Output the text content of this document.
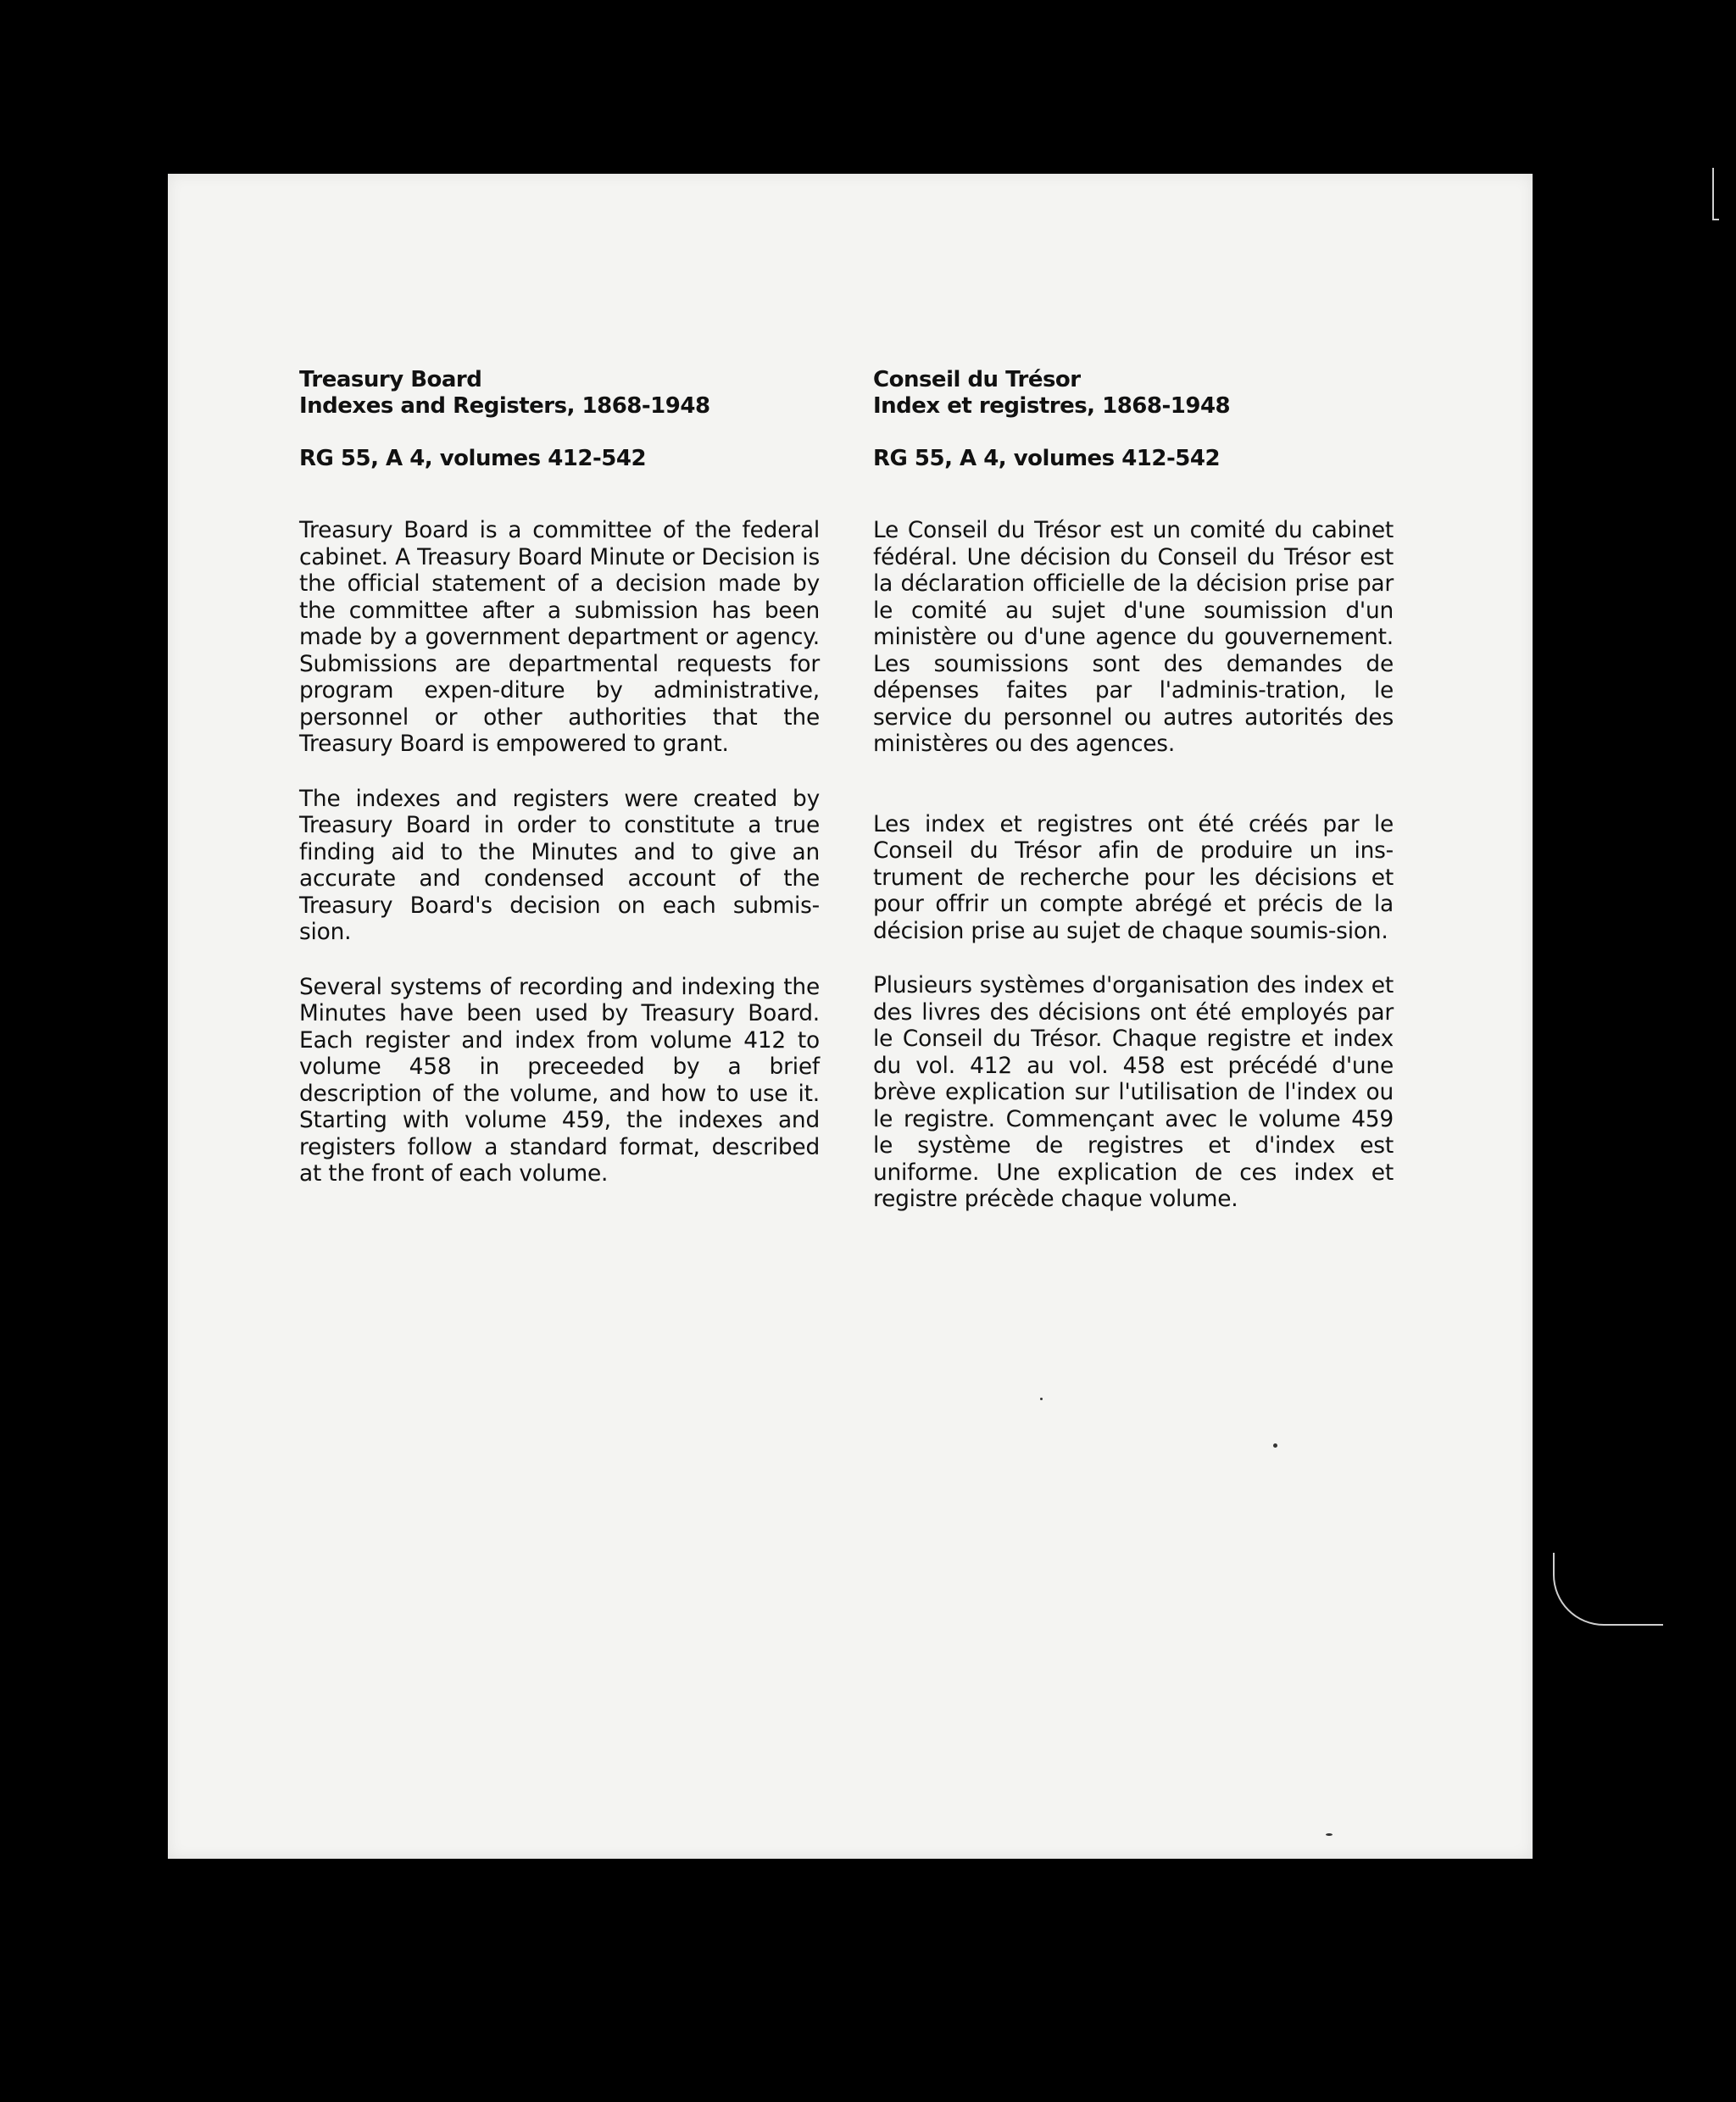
Treasury Board
Indexes and Registers, 1868-1948

RG 55, A 4, volumes 412-542

Treasury Board is a committee of the federal cabinet. A Treasury Board Minute or Decision is the official statement of a decision made by the committee after a submission has been made by a government department or agency. Submissions are departmental requests for program expen-diture by administrative, personnel or other authorities that the Treasury Board is empowered to grant.

The indexes and registers were created by Treasury Board in order to constitute a true finding aid to the Minutes and to give an accurate and condensed account of the Treasury Board's decision on each submis-sion.

Several systems of recording and indexing the Minutes have been used by Treasury Board. Each register and index from volume 412 to volume 458 in preceeded by a brief description of the volume, and how to use it. Starting with volume 459, the indexes and registers follow a standard format, described at the front of each volume.

Conseil du Trésor
Index et registres, 1868-1948

RG 55, A 4, volumes 412-542

Le Conseil du Trésor est un comité du cabinet fédéral. Une décision du Conseil du Trésor est la déclaration officielle de la décision prise par le comité au sujet d'une soumission d'un ministère ou d'une agence du gouvernement. Les soumissions sont des demandes de dépenses faites par l'adminis-tration, le service du personnel ou autres autorités des ministères ou des agences.

Les index et registres ont été créés par le Conseil du Trésor afin de produire un ins-trument de recherche pour les décisions et pour offrir un compte abrégé et précis de la décision prise au sujet de chaque soumis-sion.

Plusieurs systèmes d'organisation des index et des livres des décisions ont été employés par le Conseil du Trésor. Chaque registre et index du vol. 412 au vol. 458 est précédé d'une brève explication sur l'utilisation de l'index ou le registre. Commençant avec le volume 459 le système de registres et d'index est uniforme. Une explication de ces index et registre précède chaque volume.
